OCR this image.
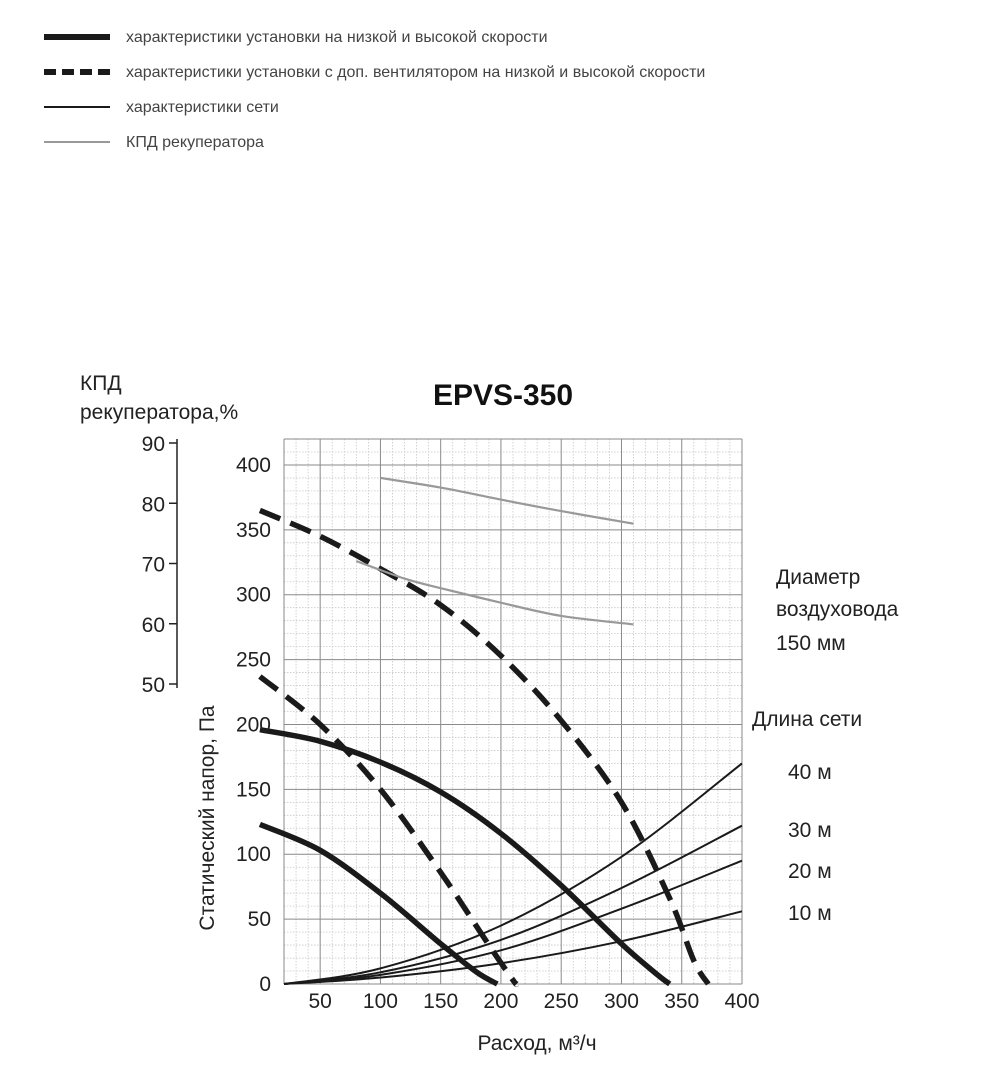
характеристики установки на низкой и высокой скорости
характеристики установки с доп. вентилятором на низкой и высокой скорости
характеристики сети
КПД рекуператора
50 100 150 200 250 300 350 400
0
50
100
150
200
250
300
350
400
50
60
70
80
90
EPVS-350
КПД
рекуператора,%
Статический напор, Па
Расход, м³/ч
Диаметр
воздуховода
150 мм
Длина сети
40 м
30 м
20 м
10 м
